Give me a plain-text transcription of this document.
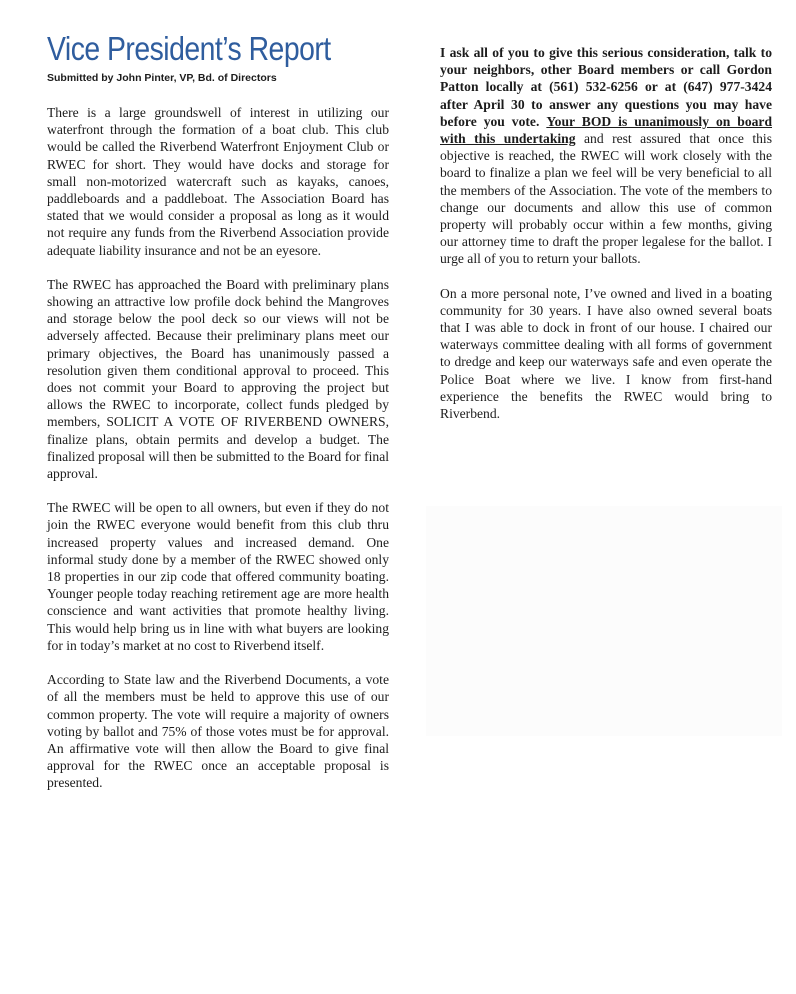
Vice President’s Report
Submitted by John Pinter, VP, Bd. of Directors

There is a large groundswell of interest in utilizing our waterfront through the formation of a boat club. This club would be called the Riverbend Waterfront Enjoyment Club or RWEC for short. They would have docks and storage for small non-motorized watercraft such as kayaks, canoes, paddleboards and a paddleboat. The Association Board has stated that we would consider a proposal as long as it would not require any funds from the Riverbend Association provide adequate liability insurance and not be an eyesore.

The RWEC has approached the Board with preliminary plans showing an attractive low profile dock behind the Mangroves and storage below the pool deck so our views will not be adversely affected. Because their preliminary plans meet our primary objectives, the Board has unanimously passed a resolution given them conditional approval to proceed. This does not commit your Board to approving the project but allows the RWEC to incorporate, collect funds pledged by members, SOLICIT A VOTE OF RIVERBEND OWNERS, finalize plans, obtain permits and develop a budget. The finalized proposal will then be submitted to the Board for final approval.

The RWEC will be open to all owners, but even if they do not join the RWEC everyone would benefit from this club thru increased property values and increased demand. One informal study done by a member of the RWEC showed only 18 properties in our zip code that offered community boating. Younger people today reaching retirement age are more health conscience and want activities that promote healthy living. This would help bring us in line with what buyers are looking for in today’s market at no cost to Riverbend itself.

According to State law and the Riverbend Documents, a vote of all the members must be held to approve this use of our common property. The vote will require a majority of owners voting by ballot and 75% of those votes must be for approval. An affirmative vote will then allow the Board to give final approval for the RWEC once an acceptable proposal is presented.

I ask all of you to give this serious consideration, talk to your neighbors, other Board members or call Gordon Patton locally at (561) 532-6256 or at (647) 977-3424 after April 30 to answer any questions you may have before you vote. Your BOD is unanimously on board with this undertaking and rest assured that once this objective is reached, the RWEC will work closely with the board to finalize a plan we feel will be very beneficial to all the members of the Association. The vote of the members to change our documents and allow this use of common property will probably occur within a few months, giving our attorney time to draft the proper legalese for the ballot. I urge all of you to return your ballots.

On a more personal note, I’ve owned and lived in a boating community for 30 years. I have also owned several boats that I was able to dock in front of our house. I chaired our waterways committee dealing with all forms of government to dredge and keep our waterways safe and even operate the Police Boat where we live. I know from first-hand experience the benefits the RWEC would bring to Riverbend.
